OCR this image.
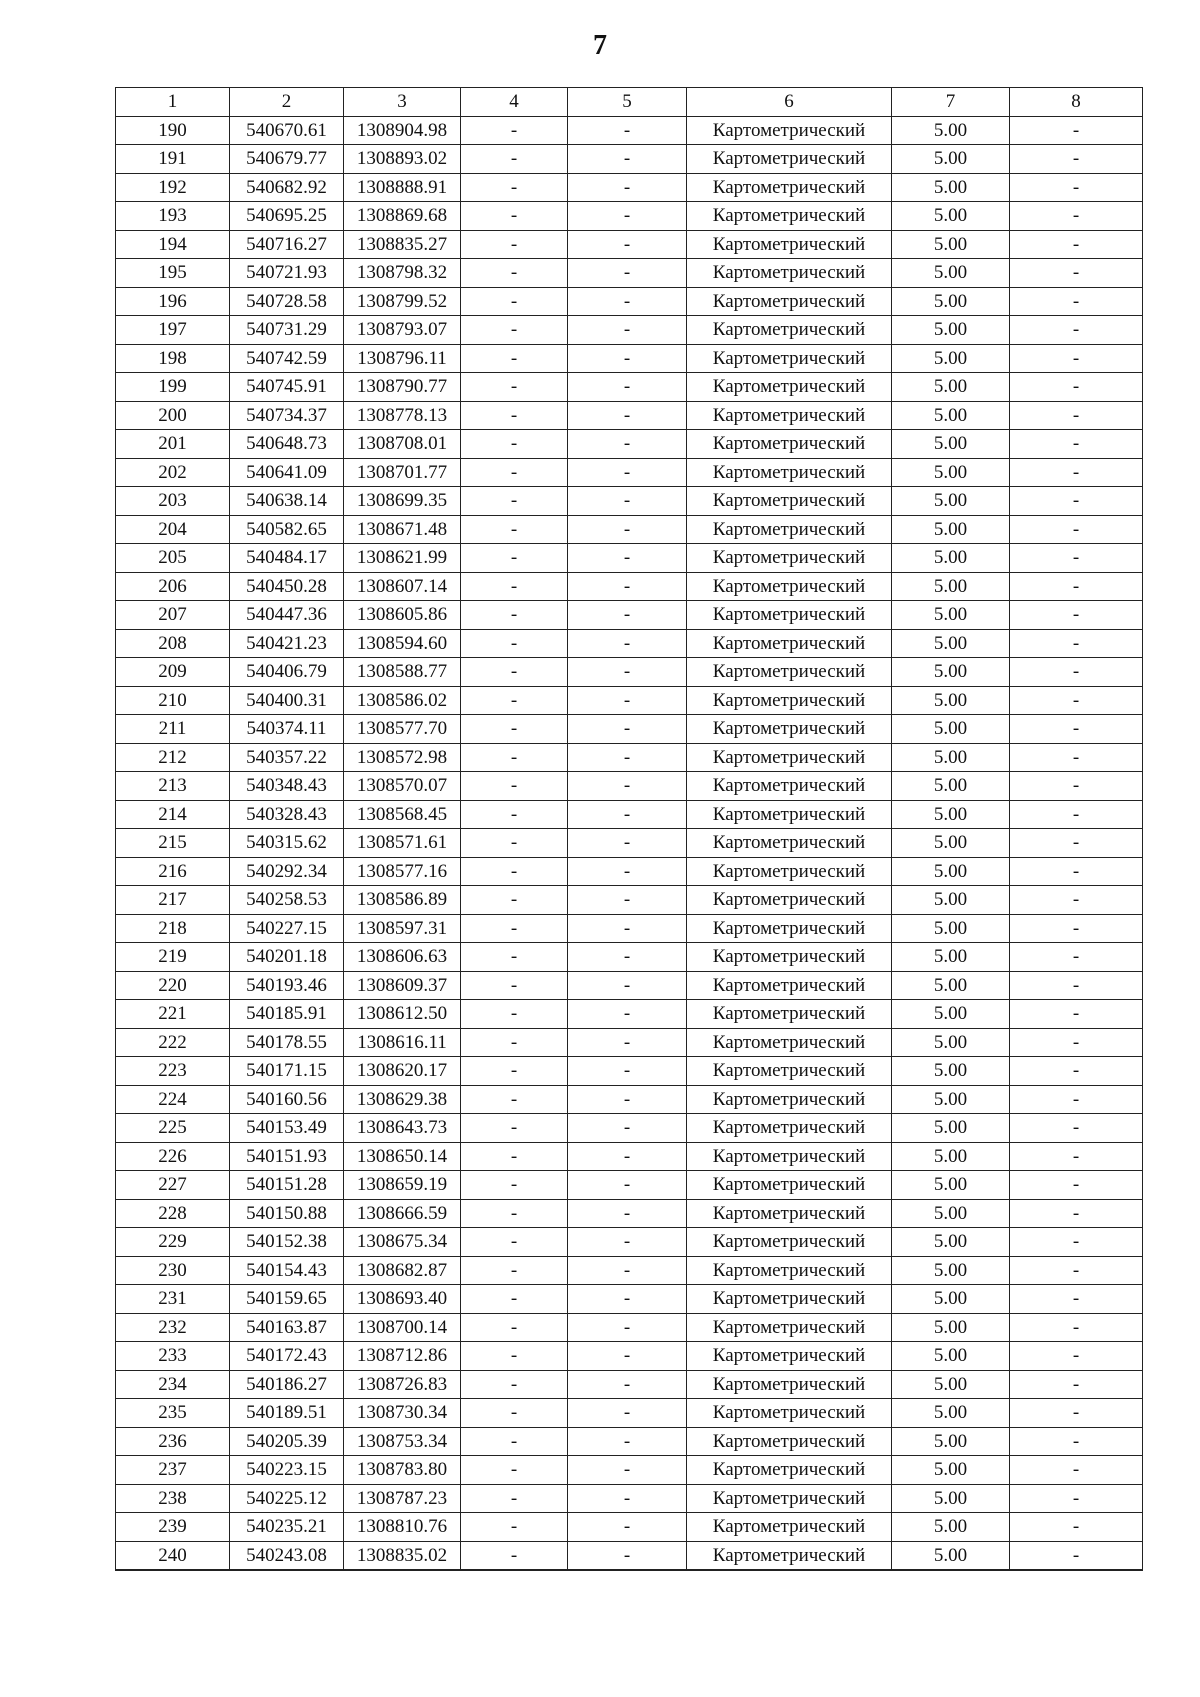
7
1	2	3	4	5	6	7	8
190	540670.61	1308904.98	-	-	Картометрический	5.00	-
191	540679.77	1308893.02	-	-	Картометрический	5.00	-
192	540682.92	1308888.91	-	-	Картометрический	5.00	-
193	540695.25	1308869.68	-	-	Картометрический	5.00	-
194	540716.27	1308835.27	-	-	Картометрический	5.00	-
195	540721.93	1308798.32	-	-	Картометрический	5.00	-
196	540728.58	1308799.52	-	-	Картометрический	5.00	-
197	540731.29	1308793.07	-	-	Картометрический	5.00	-
198	540742.59	1308796.11	-	-	Картометрический	5.00	-
199	540745.91	1308790.77	-	-	Картометрический	5.00	-
200	540734.37	1308778.13	-	-	Картометрический	5.00	-
201	540648.73	1308708.01	-	-	Картометрический	5.00	-
202	540641.09	1308701.77	-	-	Картометрический	5.00	-
203	540638.14	1308699.35	-	-	Картометрический	5.00	-
204	540582.65	1308671.48	-	-	Картометрический	5.00	-
205	540484.17	1308621.99	-	-	Картометрический	5.00	-
206	540450.28	1308607.14	-	-	Картометрический	5.00	-
207	540447.36	1308605.86	-	-	Картометрический	5.00	-
208	540421.23	1308594.60	-	-	Картометрический	5.00	-
209	540406.79	1308588.77	-	-	Картометрический	5.00	-
210	540400.31	1308586.02	-	-	Картометрический	5.00	-
211	540374.11	1308577.70	-	-	Картометрический	5.00	-
212	540357.22	1308572.98	-	-	Картометрический	5.00	-
213	540348.43	1308570.07	-	-	Картометрический	5.00	-
214	540328.43	1308568.45	-	-	Картометрический	5.00	-
215	540315.62	1308571.61	-	-	Картометрический	5.00	-
216	540292.34	1308577.16	-	-	Картометрический	5.00	-
217	540258.53	1308586.89	-	-	Картометрический	5.00	-
218	540227.15	1308597.31	-	-	Картометрический	5.00	-
219	540201.18	1308606.63	-	-	Картометрический	5.00	-
220	540193.46	1308609.37	-	-	Картометрический	5.00	-
221	540185.91	1308612.50	-	-	Картометрический	5.00	-
222	540178.55	1308616.11	-	-	Картометрический	5.00	-
223	540171.15	1308620.17	-	-	Картометрический	5.00	-
224	540160.56	1308629.38	-	-	Картометрический	5.00	-
225	540153.49	1308643.73	-	-	Картометрический	5.00	-
226	540151.93	1308650.14	-	-	Картометрический	5.00	-
227	540151.28	1308659.19	-	-	Картометрический	5.00	-
228	540150.88	1308666.59	-	-	Картометрический	5.00	-
229	540152.38	1308675.34	-	-	Картометрический	5.00	-
230	540154.43	1308682.87	-	-	Картометрический	5.00	-
231	540159.65	1308693.40	-	-	Картометрический	5.00	-
232	540163.87	1308700.14	-	-	Картометрический	5.00	-
233	540172.43	1308712.86	-	-	Картометрический	5.00	-
234	540186.27	1308726.83	-	-	Картометрический	5.00	-
235	540189.51	1308730.34	-	-	Картометрический	5.00	-
236	540205.39	1308753.34	-	-	Картометрический	5.00	-
237	540223.15	1308783.80	-	-	Картометрический	5.00	-
238	540225.12	1308787.23	-	-	Картометрический	5.00	-
239	540235.21	1308810.76	-	-	Картометрический	5.00	-
240	540243.08	1308835.02	-	-	Картометрический	5.00	-
